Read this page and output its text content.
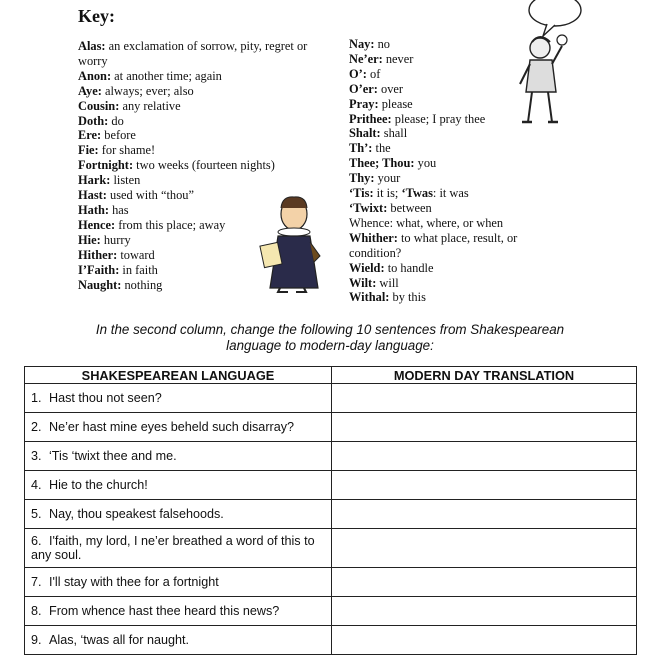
Key:
Alas: an exclamation of sorrow, pity, regret or worry
Anon: at another time; again
Aye: always; ever; also
Cousin: any relative
Doth: do
Ere: before
Fie: for shame!
Fortnight: two weeks (fourteen nights)
Hark: listen
Hast: used with “thou”
Hath: has
Hence: from this place; away
Hie: hurry
Hither: toward
I’Faith: in faith
Naught: nothing
Nay: no
Ne’er: never
O’: of
O’er: over
Pray: please
Prithee: please; I pray thee
Shalt: shall
Th’: the
Thee; Thou: you
Thy: your
‘Tis: it is; ‘Twas: it was
‘Twixt: between
Whence: what, where, or when
Whither: to what place, result, or condition?
Wield: to handle
Wilt: will
Withal: by this
In the second column, change the following 10 sentences from Shakespearean language to modern-day language:
SHAKESPEAREAN LANGUAGE	MODERN DAY TRANSLATION
1. Hast thou not seen?	
2. Ne’er hast mine eyes beheld such disarray?	
3. ‘Tis ‘twixt thee and me.	
4. Hie to the church!	
5. Nay, thou speakest falsehoods.	
6. I'faith, my lord, I ne’er breathed a word of this to any soul.	
7. I'll stay with thee for a fortnight	
8. From whence hast thee heard this news?	
9. Alas, ‘twas all for naught.	
